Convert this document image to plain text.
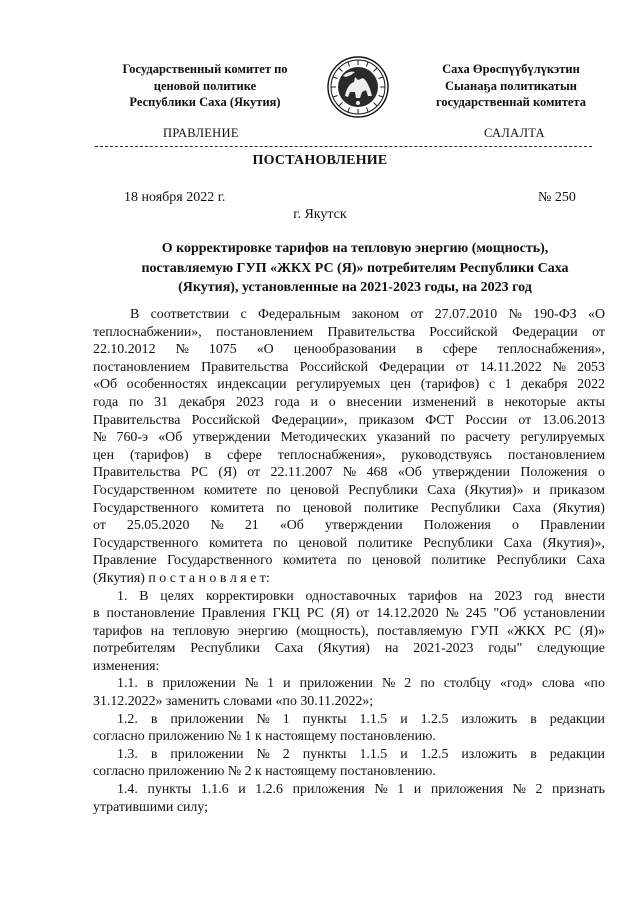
Государственный комитет по
ценовой политике
Республики Саха (Якутия)
Саха Өрөспүүбүлүкэтин
Сыанаҕа политикатын
государственнай комитета
ПРАВЛЕНИЕ	САЛАЛТА
ПОСТАНОВЛЕНИЕ
18 ноября 2022 г.	№ 250
г. Якутск
О корректировке тарифов на тепловую энергию (мощность),
поставляемую ГУП «ЖКХ РС (Я)» потребителям Республики Саха
(Якутия), установленные на 2021-2023 годы, на 2023 год
В соответствии с Федеральным законом от 27.07.2010 № 190-ФЗ «О
теплоснабжении», постановлением Правительства Российской Федерации от
22.10.2012 № 1075 «О ценообразовании в сфере теплоснабжения»,
постановлением Правительства Российской Федерации от 14.11.2022 № 2053
«Об особенностях индексации регулируемых цен (тарифов) с 1 декабря 2022
года по 31 декабря 2023 года и о внесении изменений в некоторые акты
Правительства Российской Федерации», приказом ФСТ России от 13.06.2013
№ 760-э «Об утверждении Методических указаний по расчету регулируемых
цен (тарифов) в сфере теплоснабжения», руководствуясь постановлением
Правительства РС (Я) от 22.11.2007 № 468 «Об утверждении Положения о
Государственном комитете по ценовой Республики Саха (Якутия)» и приказом
Государственного комитета по ценовой политике Республики Саха (Якутия)
от 25.05.2020 № 21 «Об утверждении Положения о Правлении
Государственного комитета по ценовой политике Республики Саха (Якутия)»,
Правление Государственного комитета по ценовой политике Республики Саха
(Якутия) п о с т а н о в л я е т:
1. В целях корректировки одноставочных тарифов на 2023 год внести
в постановление Правления ГКЦ РС (Я) от 14.12.2020 № 245 "Об установлении
тарифов на тепловую энергию (мощность), поставляемую ГУП «ЖКХ РС (Я)»
потребителям Республики Саха (Якутия) на 2021-2023 годы" следующие
изменения:
1.1. в приложении № 1 и приложении № 2 по столбцу «год» слова «по
31.12.2022» заменить словами «по 30.11.2022»;
1.2. в приложении № 1 пункты 1.1.5 и 1.2.5 изложить в редакции
согласно приложению № 1 к настоящему постановлению.
1.3. в приложении № 2 пункты 1.1.5 и 1.2.5 изложить в редакции
согласно приложению № 2 к настоящему постановлению.
1.4. пункты 1.1.6 и 1.2.6 приложения № 1 и приложения № 2 признать
утратившими силу;
